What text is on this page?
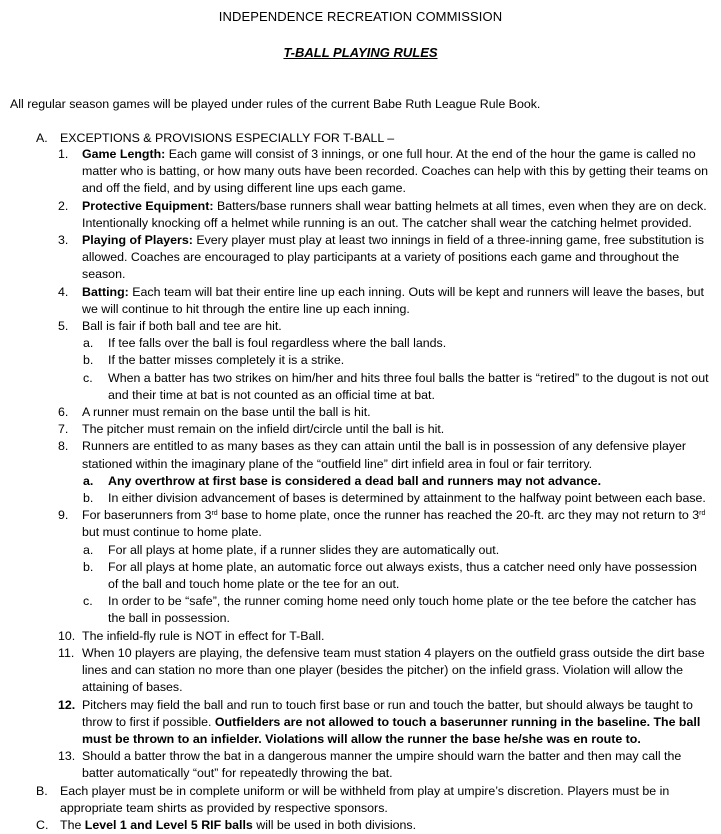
INDEPENDENCE RECREATION COMMISSION
T-BALL PLAYING RULES
All regular season games will be played under rules of the current Babe Ruth League Rule Book.
A. EXCEPTIONS & PROVISIONS ESPECIALLY FOR T-BALL –
1.	Game Length: Each game will consist of 3 innings, or one full hour. At the end of the hour the game is called no matter who is batting, or how many outs have been recorded. Coaches can help with this by getting their teams on and off the field, and by using different line ups each game.
2.	Protective Equipment: Batters/base runners shall wear batting helmets at all times, even when they are on deck. Intentionally knocking off a helmet while running is an out. The catcher shall wear the catching helmet provided.
3.	Playing of Players: Every player must play at least two innings in field of a three-inning game, free substitution is allowed. Coaches are encouraged to play participants at a variety of positions each game and throughout the season.
4.	Batting: Each team will bat their entire line up each inning. Outs will be kept and runners will leave the bases, but we will continue to hit through the entire line up each inning.
5.	Ball is fair if both ball and tee are hit.
a. If tee falls over the ball is foul regardless where the ball lands.
b. If the batter misses completely it is a strike.
c. When a batter has two strikes on him/her and hits three foul balls the batter is “retired” to the dugout is not out and their time at bat is not counted as an official time at bat.
6.	A runner must remain on the base until the ball is hit.
7.	The pitcher must remain on the infield dirt/circle until the ball is hit.
8.	Runners are entitled to as many bases as they can attain until the ball is in possession of any defensive player stationed within the imaginary plane of the “outfield line” dirt infield area in foul or fair territory.
a. Any overthrow at first base is considered a dead ball and runners may not advance.
b. In either division advancement of bases is determined by attainment to the halfway point between each base.
9.	For baserunners from 3rd base to home plate, once the runner has reached the 20-ft. arc they may not return to 3rd but must continue to home plate.
a. For all plays at home plate, if a runner slides they are automatically out.
b. For all plays at home plate, an automatic force out always exists, thus a catcher need only have possession of the ball and touch home plate or the tee for an out.
c. In order to be “safe”, the runner coming home need only touch home plate or the tee before the catcher has the ball in possession.
10. The infield-fly rule is NOT in effect for T-Ball.
11. When 10 players are playing, the defensive team must station 4 players on the outfield grass outside the dirt base lines and can station no more than one player (besides the pitcher) on the infield grass. Violation will allow the attaining of bases.
12. Pitchers may field the ball and run to touch first base or run and touch the batter, but should always be taught to throw to first if possible. Outfielders are not allowed to touch a baserunner running in the baseline. The ball must be thrown to an infielder. Violations will allow the runner the base he/she was en route to.
13. Should a batter throw the bat in a dangerous manner the umpire should warn the batter and then may call the batter automatically “out” for repeatedly throwing the bat.
B. Each player must be in complete uniform or will be withheld from play at umpire’s discretion. Players must be in appropriate team shirts as provided by respective sponsors.
C. The Level 1 and Level 5 RIF balls will be used in both divisions.
